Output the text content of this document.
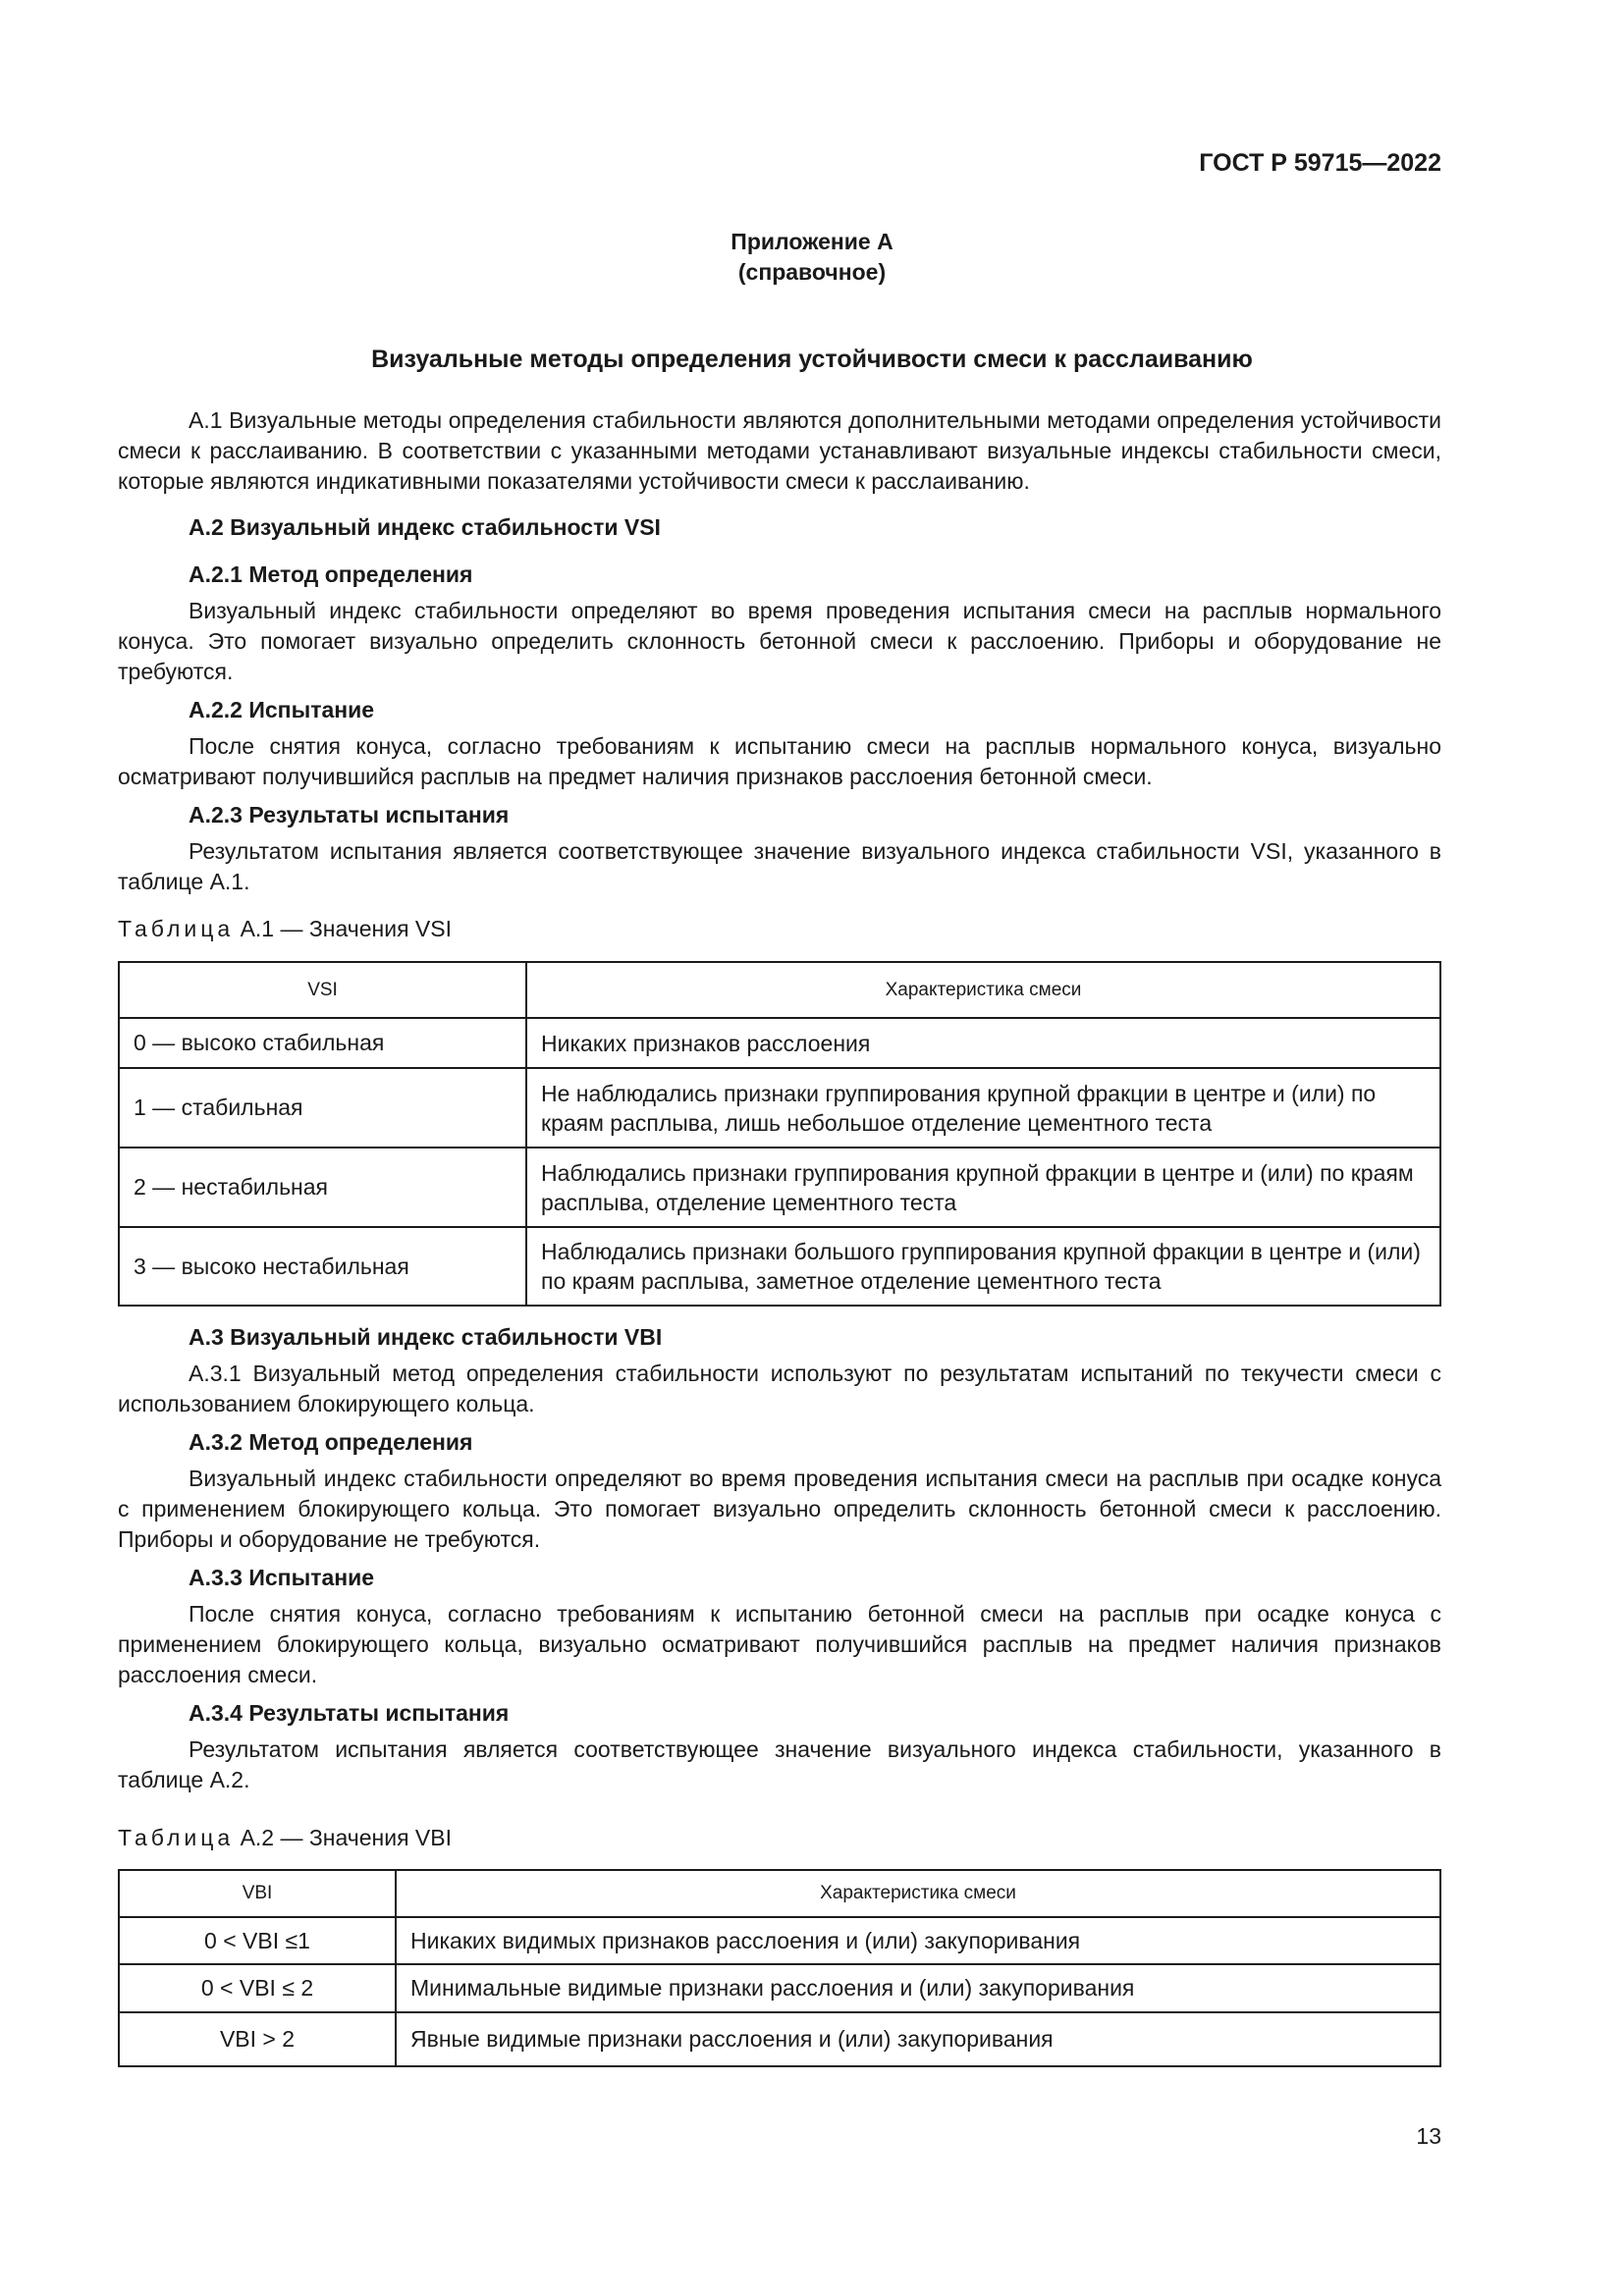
ГОСТ Р 59715—2022
Приложение А
(справочное)
Визуальные методы определения устойчивости смеси к расслаиванию
А.1 Визуальные методы определения стабильности являются дополнительными методами определения устойчивости смеси к расслаиванию. В соответствии с указанными методами устанавливают визуальные индексы стабильности смеси, которые являются индикативными показателями устойчивости смеси к расслаиванию.
А.2 Визуальный индекс стабильности VSI
А.2.1 Метод определения
Визуальный индекс стабильности определяют во время проведения испытания смеси на расплыв нормального конуса. Это помогает визуально определить склонность бетонной смеси к расслоению. Приборы и оборудование не требуются.
А.2.2 Испытание
После снятия конуса, согласно требованиям к испытанию смеси на расплыв нормального конуса, визуально осматривают получившийся расплыв на предмет наличия признаков расслоения бетонной смеси.
А.2.3 Результаты испытания
Результатом испытания является соответствующее значение визуального индекса стабильности VSI, указанного в таблице А.1.
Таблица А.1 — Значения VSI
VSI	Характеристика смеси
0 — высоко стабильная	Никаких признаков расслоения
1 — стабильная	Не наблюдались признаки группирования крупной фракции в центре и (или) по краям расплыва, лишь небольшое отделение цементного теста
2 — нестабильная	Наблюдались признаки группирования крупной фракции в центре и (или) по краям расплыва, отделение цементного теста
3 — высоко нестабильная	Наблюдались признаки большого группирования крупной фракции в центре и (или) по краям расплыва, заметное отделение цементного теста
А.3 Визуальный индекс стабильности VBI
А.3.1 Визуальный метод определения стабильности используют по результатам испытаний по текучести смеси с использованием блокирующего кольца.
А.3.2 Метод определения
Визуальный индекс стабильности определяют во время проведения испытания смеси на расплыв при осадке конуса с применением блокирующего кольца. Это помогает визуально определить склонность бетонной смеси к расслоению. Приборы и оборудование не требуются.
А.3.3 Испытание
После снятия конуса, согласно требованиям к испытанию бетонной смеси на расплыв при осадке конуса с применением блокирующего кольца, визуально осматривают получившийся расплыв на предмет наличия признаков расслоения смеси.
А.3.4 Результаты испытания
Результатом испытания является соответствующее значение визуального индекса стабильности, указанного в таблице А.2.
Таблица А.2 — Значения VBI
VBI	Характеристика смеси
0 < VBI ≤1	Никаких видимых признаков расслоения и (или) закупоривания
0 < VBI ≤ 2	Минимальные видимые признаки расслоения и (или) закупоривания
VBI > 2	Явные видимые признаки расслоения и (или) закупоривания
13
